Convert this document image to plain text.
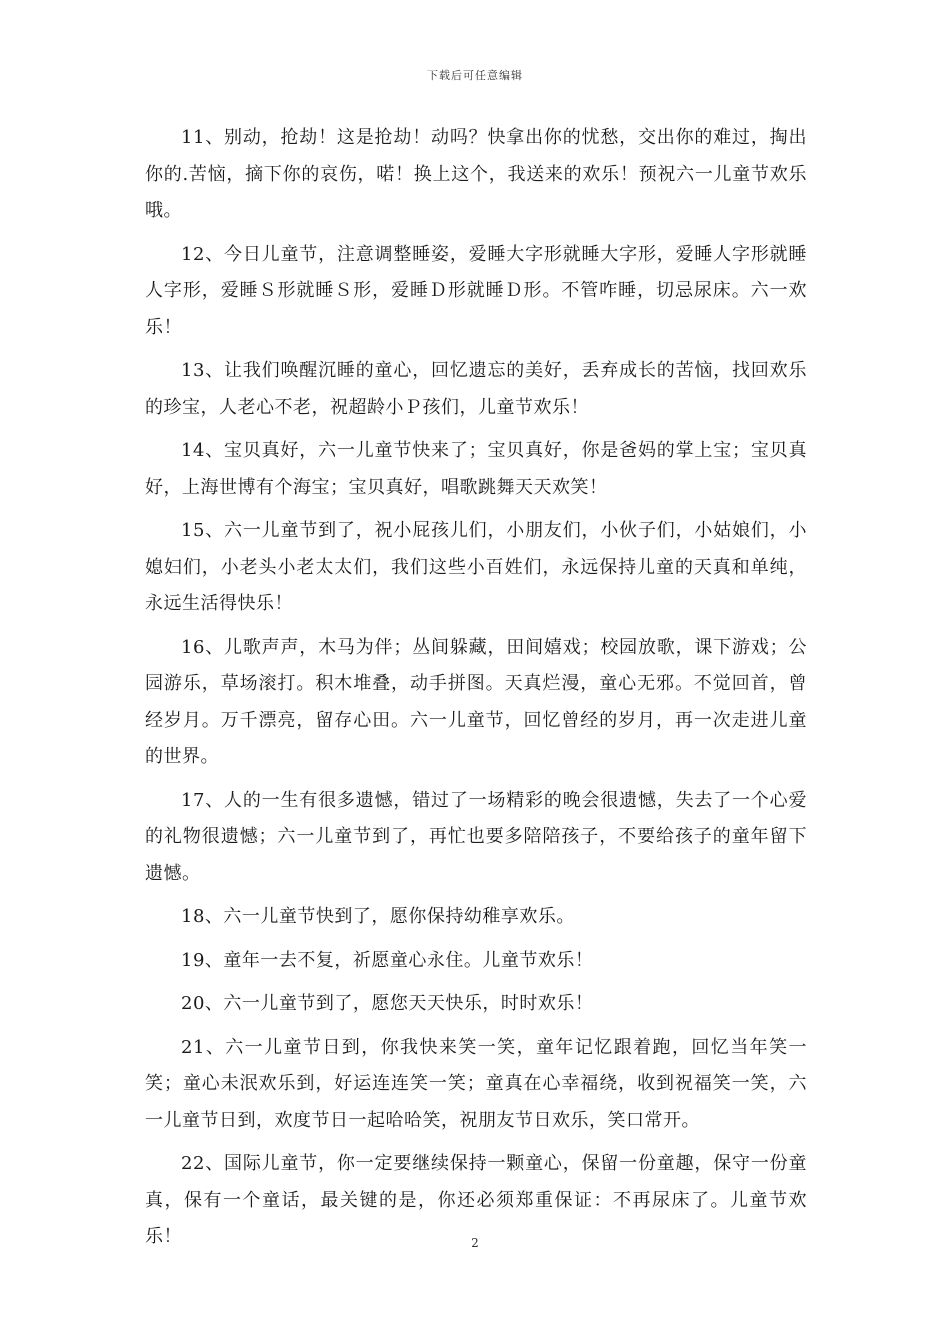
下载后可任意编辑

11、别动，抢劫！这是抢劫！动吗？快拿出你的忧愁，交出你的难过，掏出你的.苦恼，摘下你的哀伤，喏！换上这个，我送来的欢乐！预祝六一儿童节欢乐哦。

12、今日儿童节，注意调整睡姿，爱睡大字形就睡大字形，爱睡人字形就睡人字形，爱睡Ｓ形就睡Ｓ形，爱睡Ｄ形就睡Ｄ形。不管咋睡，切忌尿床。六一欢乐！

13、让我们唤醒沉睡的童心，回忆遗忘的美好，丢弃成长的苦恼，找回欢乐的珍宝，人老心不老，祝超龄小Ｐ孩们，儿童节欢乐！

14、宝贝真好，六一儿童节快来了；宝贝真好，你是爸妈的掌上宝；宝贝真好，上海世博有个海宝；宝贝真好，唱歌跳舞天天欢笑！

15、六一儿童节到了，祝小屁孩儿们，小朋友们，小伙子们，小姑娘们，小媳妇们，小老头小老太太们，我们这些小百姓们，永远保持儿童的天真和单纯，永远生活得快乐！

16、儿歌声声，木马为伴；丛间躲藏，田间嬉戏；校园放歌，课下游戏；公园游乐，草场滚打。积木堆叠，动手拼图。天真烂漫，童心无邪。不觉回首，曾经岁月。万千漂亮，留存心田。六一儿童节，回忆曾经的岁月，再一次走进儿童的世界。

17、人的一生有很多遗憾，错过了一场精彩的晚会很遗憾，失去了一个心爱的礼物很遗憾；六一儿童节到了，再忙也要多陪陪孩子，不要给孩子的童年留下遗憾。

18、六一儿童节快到了，愿你保持幼稚享欢乐。

19、童年一去不复，祈愿童心永住。儿童节欢乐！

20、六一儿童节到了，愿您天天快乐，时时欢乐！

21、六一儿童节日到，你我快来笑一笑，童年记忆跟着跑，回忆当年笑一笑；童心未泯欢乐到，好运连连笑一笑；童真在心幸福绕，收到祝福笑一笑，六一儿童节日到，欢度节日一起哈哈笑，祝朋友节日欢乐，笑口常开。

22、国际儿童节，你一定要继续保持一颗童心，保留一份童趣，保守一份童真，保有一个童话，最关键的是，你还必须郑重保证：不再尿床了。儿童节欢乐！	2
